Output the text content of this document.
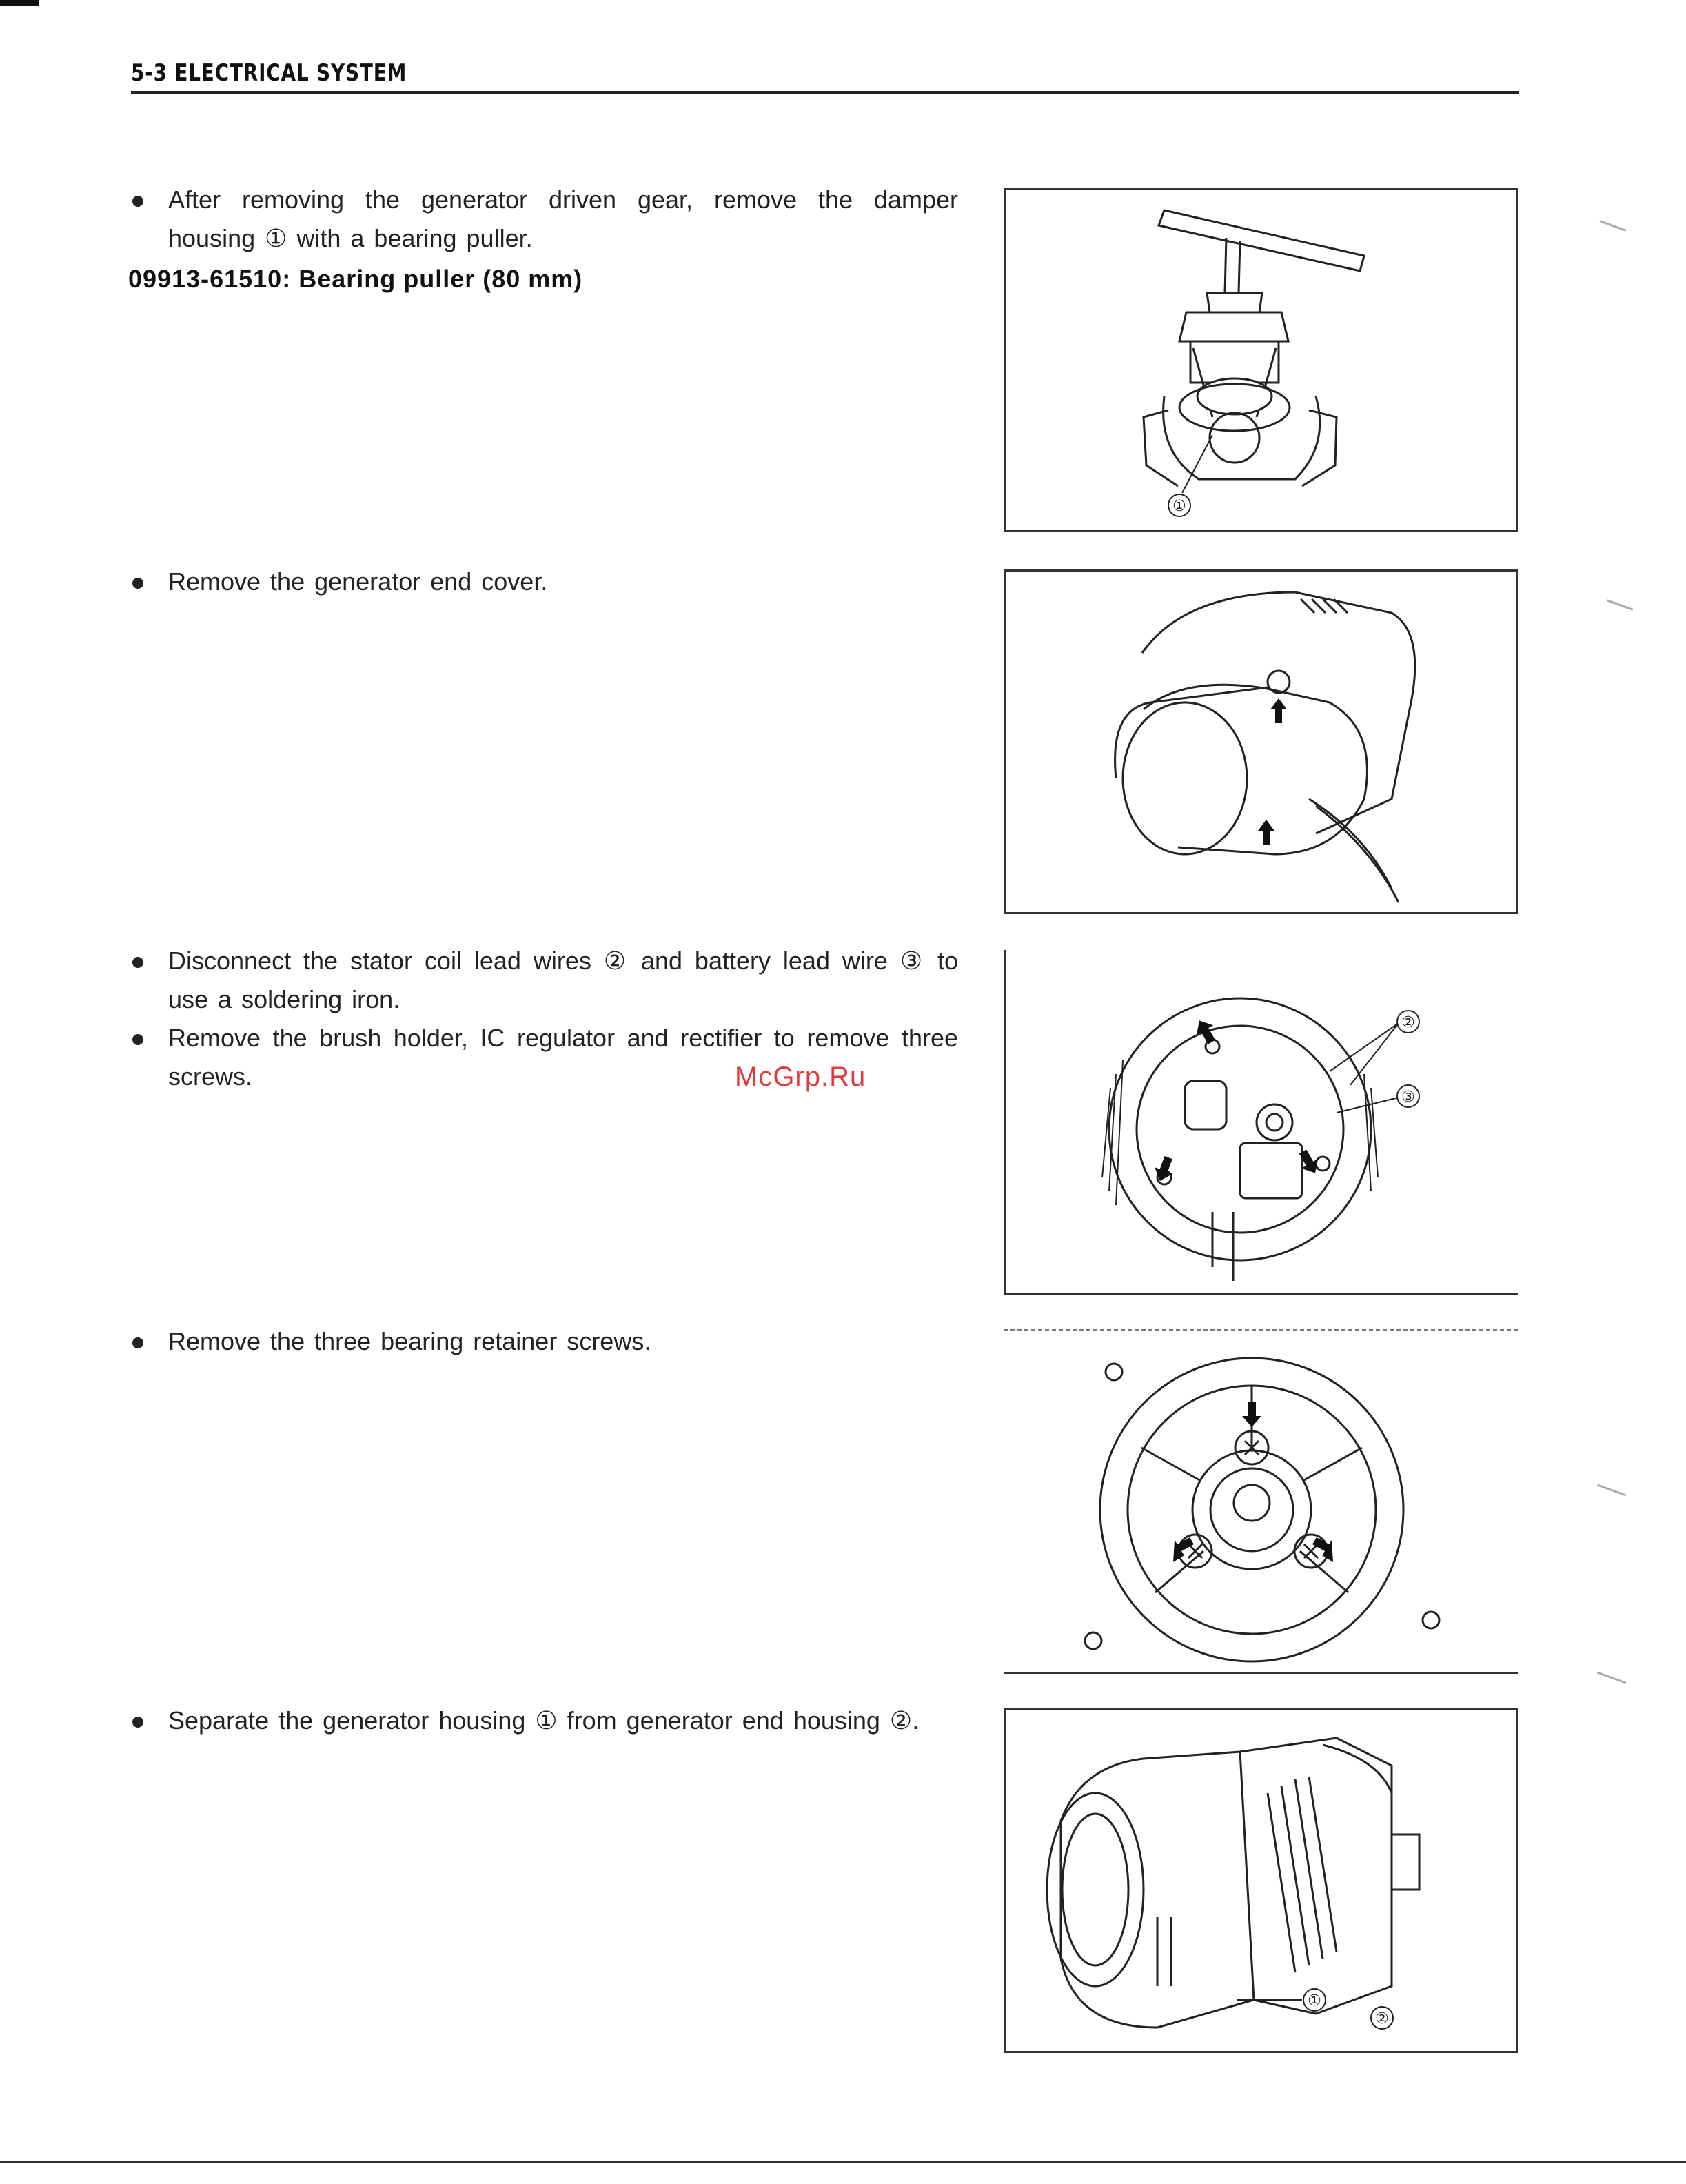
5-3 ELECTRICAL SYSTEM
After removing the generator driven gear, remove the damper housing ① with a bearing puller.
09913-61510: Bearing puller (80 mm)
Remove the generator end cover.
Disconnect the stator coil lead wires ② and battery lead wire ③ to use a soldering iron.
Remove the brush holder, IC regulator and rectifier to remove three screws.	McGrp.Ru
Remove the three bearing retainer screws.
Separate the generator housing ① from generator end housing ②.
①
②
③
①
②
